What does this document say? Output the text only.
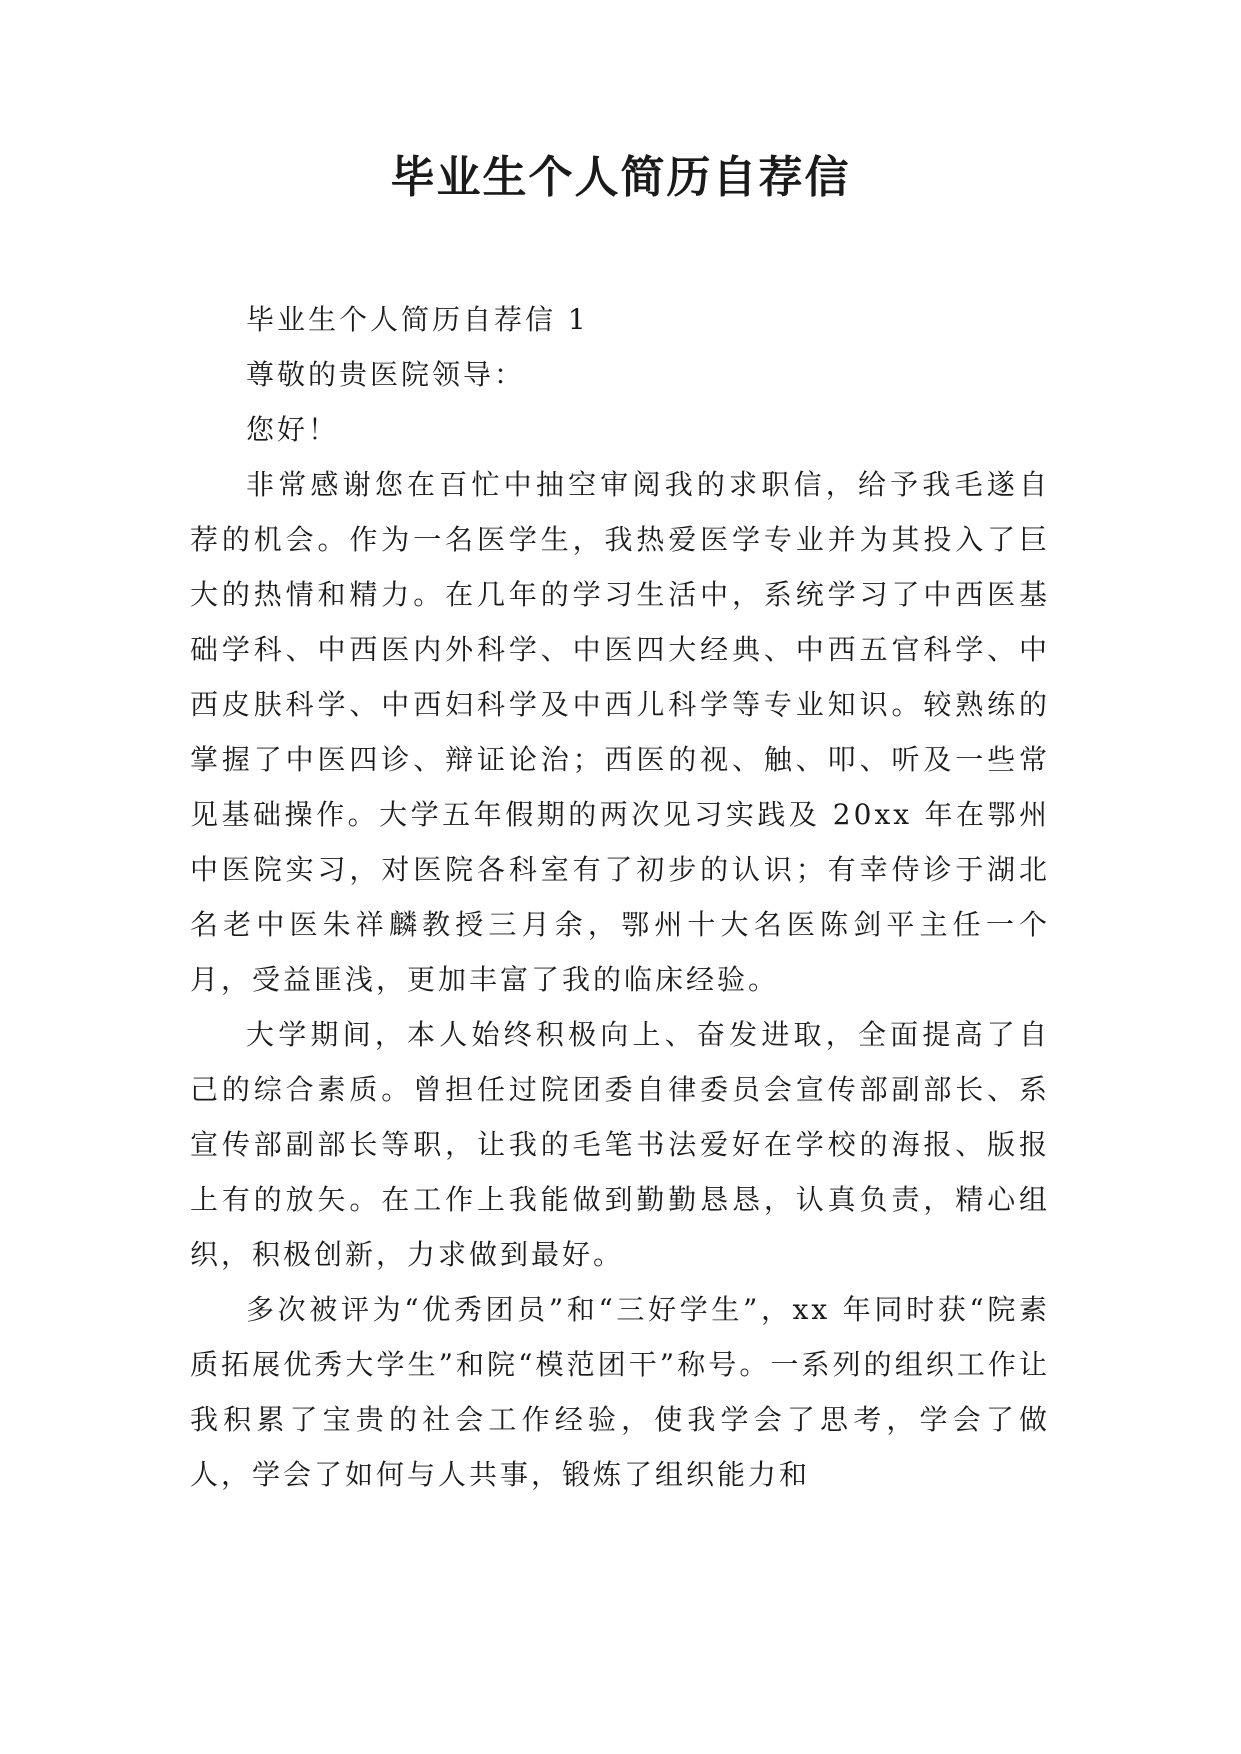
毕业生个人简历自荐信

毕业生个人简历自荐信 1

尊敬的贵医院领导：

您好！

非常感谢您在百忙中抽空审阅我的求职信，给予我毛遂自荐的机会。作为一名医学生，我热爱医学专业并为其投入了巨大的热情和精力。在几年的学习生活中，系统学习了中西医基础学科、中西医内外科学、中医四大经典、中西五官科学、中西皮肤科学、中西妇科学及中西儿科学等专业知识。较熟练的掌握了中医四诊、辩证论治；西医的视、触、叩、听及一些常见基础操作。大学五年假期的两次见习实践及 20xx 年在鄂州中医院实习，对医院各科室有了初步的认识；有幸侍诊于湖北名老中医朱祥麟教授三月余，鄂州十大名医陈剑平主任一个月，受益匪浅，更加丰富了我的临床经验。

大学期间，本人始终积极向上、奋发进取，全面提高了自己的综合素质。曾担任过院团委自律委员会宣传部副部长、系宣传部副部长等职，让我的毛笔书法爱好在学校的海报、版报上有的放矢。在工作上我能做到勤勤恳恳，认真负责，精心组织，积极创新，力求做到最好。

多次被评为“优秀团员”和“三好学生”，xx 年同时获“院素质拓展优秀大学生”和院“模范团干”称号。一系列的组织工作让我积累了宝贵的社会工作经验，使我学会了思考，学会了做人，学会了如何与人共事，锻炼了组织能力和
